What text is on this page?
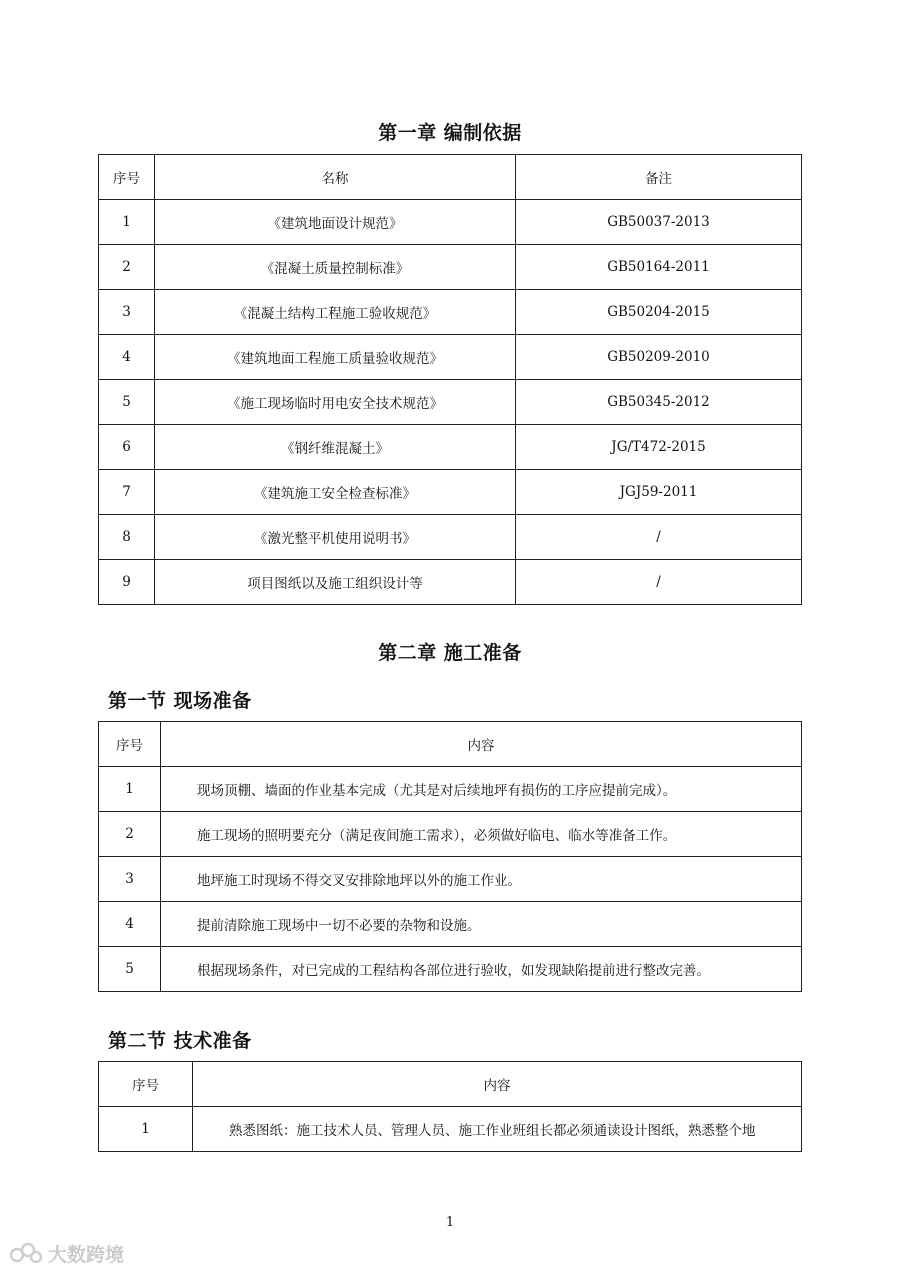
第一章 编制依据
序号	名称	备注
1	《建筑地面设计规范》	GB50037-2013
2	《混凝土质量控制标准》	GB50164-2011
3	《混凝土结构工程施工验收规范》	GB50204-2015
4	《建筑地面工程施工质量验收规范》	GB50209-2010
5	《施工现场临时用电安全技术规范》	GB50345-2012
6	《钢纤维混凝土》	JG/T472-2015
7	《建筑施工安全检查标准》	JGJ59-2011
8	《激光整平机使用说明书》	/
9	项目图纸以及施工组织设计等	/
第二章 施工准备
第一节 现场准备
序号	内容
1	现场顶棚、墙面的作业基本完成（尤其是对后续地坪有损伤的工序应提前完成）。
2	施工现场的照明要充分（满足夜间施工需求），必须做好临电、临水等准备工作。
3	地坪施工时现场不得交叉安排除地坪以外的施工作业。
4	提前清除施工现场中一切不必要的杂物和设施。
5	根据现场条件，对已完成的工程结构各部位进行验收，如发现缺陷提前进行整改完善。
第二节 技术准备
序号	内容
1	熟悉图纸：施工技术人员、管理人员、施工作业班组长都必须通读设计图纸，熟悉整个地
1
大数跨境
